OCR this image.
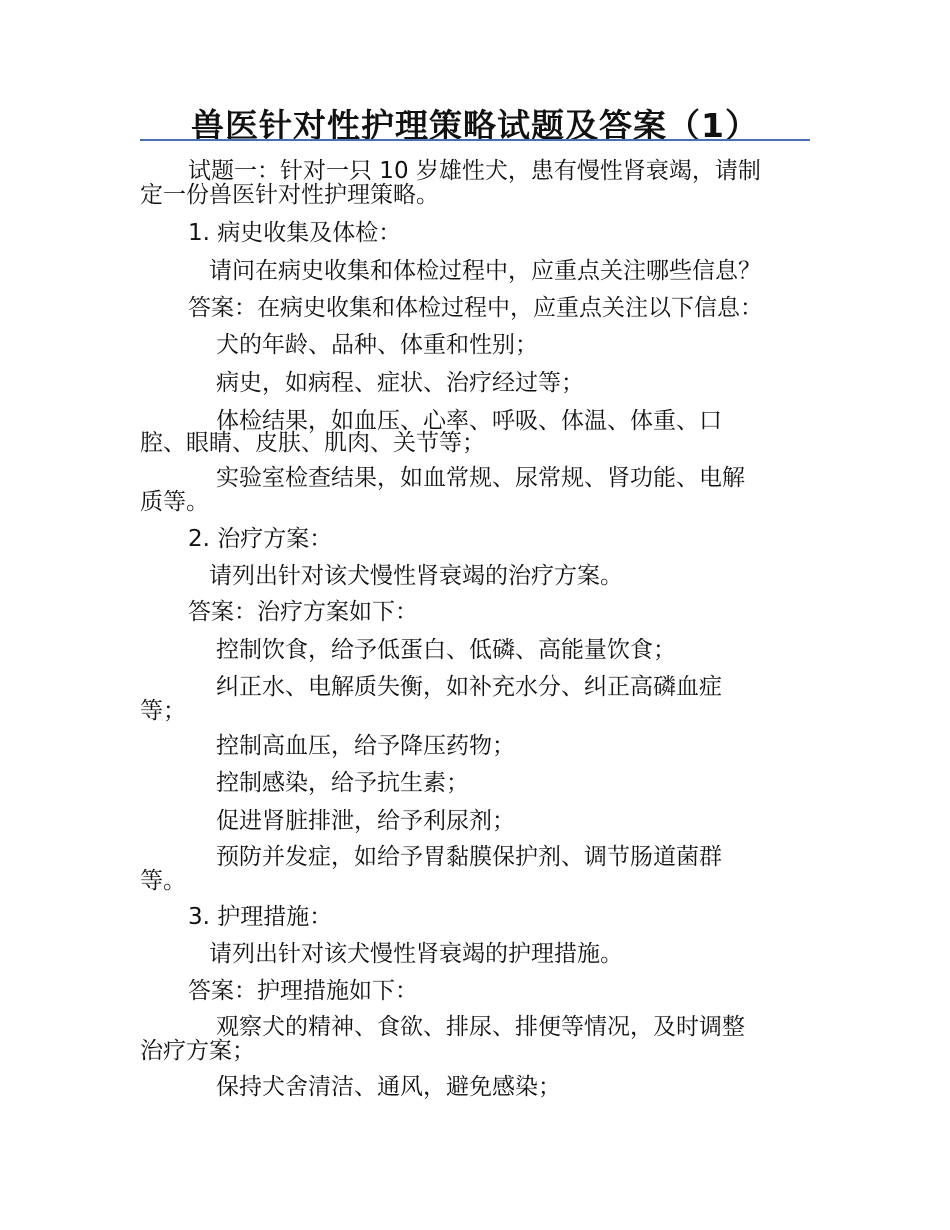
兽医针对性护理策略试题及答案（1）

试题一：针对一只 10 岁雄性犬，患有慢性肾衰竭，请制

定一份兽医针对性护理策略。

1. 病史收集及体检：

请问在病史收集和体检过程中，应重点关注哪些信息？

答案：在病史收集和体检过程中，应重点关注以下信息：

犬的年龄、品种、体重和性别；

病史，如病程、症状、治疗经过等；

体检结果，如血压、心率、呼吸、体温、体重、口

腔、眼睛、皮肤、肌肉、关节等；

实验室检查结果，如血常规、尿常规、肾功能、电解

质等。

2. 治疗方案：

请列出针对该犬慢性肾衰竭的治疗方案。

答案：治疗方案如下：

控制饮食，给予低蛋白、低磷、高能量饮食；

纠正水、电解质失衡，如补充水分、纠正高磷血症

等；

控制高血压，给予降压药物；

控制感染，给予抗生素；

促进肾脏排泄，给予利尿剂；

预防并发症，如给予胃黏膜保护剂、调节肠道菌群

等。

3. 护理措施：

请列出针对该犬慢性肾衰竭的护理措施。

答案：护理措施如下：

观察犬的精神、食欲、排尿、排便等情况，及时调整

治疗方案；

保持犬舍清洁、通风，避免感染；
